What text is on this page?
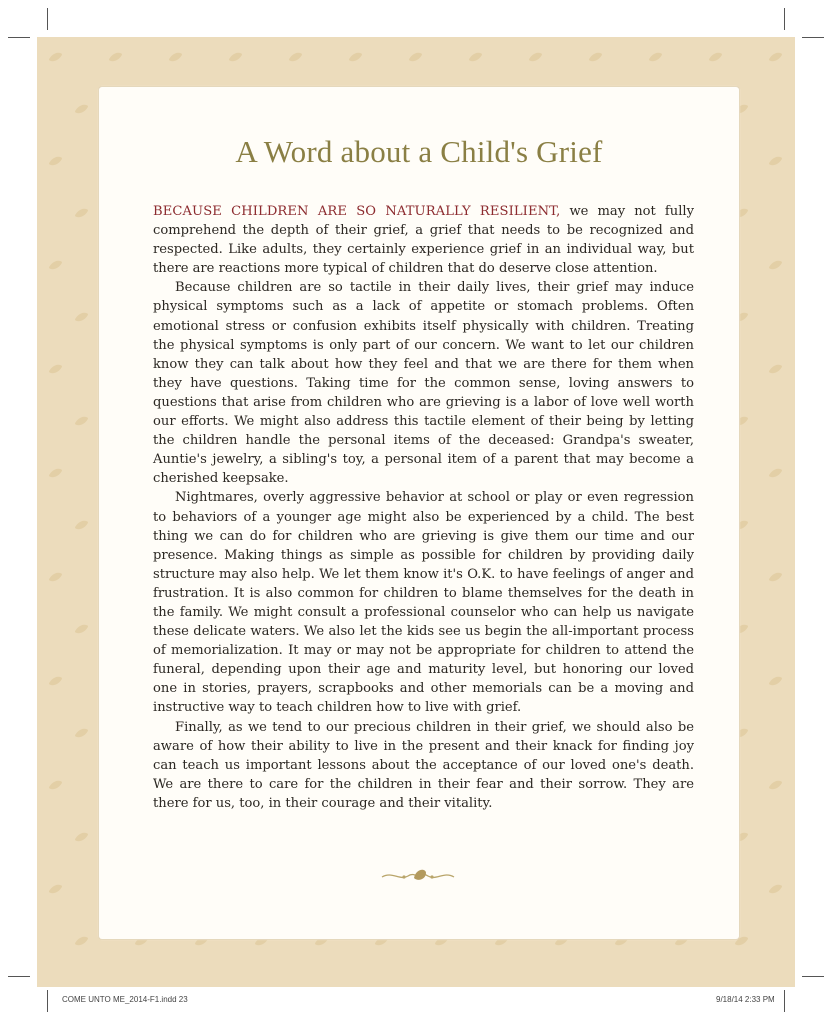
A Word about a Child's Grief

BECAUSE CHILDREN ARE SO NATURALLY RESILIENT, we may not fully comprehend the depth of their grief, a grief that needs to be recognized and respected. Like adults, they certainly experience grief in an individual way, but there are reactions more typical of children that do deserve close attention.

Because children are so tactile in their daily lives, their grief may induce physical symptoms such as a lack of appetite or stomach problems. Often emotional stress or confusion exhibits itself physically with children. Treating the physical symptoms is only part of our concern. We want to let our children know they can talk about how they feel and that we are there for them when they have questions. Taking time for the common sense, loving answers to questions that arise from children who are grieving is a labor of love well worth our efforts. We might also address this tactile element of their being by letting the children handle the personal items of the deceased: Grandpa's sweater, Auntie's jewelry, a sibling's toy, a personal item of a parent that may become a cherished keepsake.

Nightmares, overly aggressive behavior at school or play or even regression to behaviors of a younger age might also be experienced by a child. The best thing we can do for children who are grieving is give them our time and our presence. Making things as simple as possible for children by providing daily structure may also help. We let them know it's O.K. to have feelings of anger and frustration. It is also common for children to blame themselves for the death in the family. We might consult a professional counselor who can help us navigate these delicate waters. We also let the kids see us begin the all-important process of memorialization. It may or may not be appropriate for children to attend the funeral, depending upon their age and maturity level, but honoring our loved one in stories, prayers, scrapbooks and other memorials can be a moving and instructive way to teach children how to live with grief.

Finally, as we tend to our precious children in their grief, we should also be aware of how their ability to live in the present and their knack for finding joy can teach us important lessons about the acceptance of our loved one's death. We are there to care for the children in their fear and their sorrow. They are there for us, too, in their courage and their vitality.

COME UNTO ME_2014-F1.indd 23	9/18/14 2:33 PM
